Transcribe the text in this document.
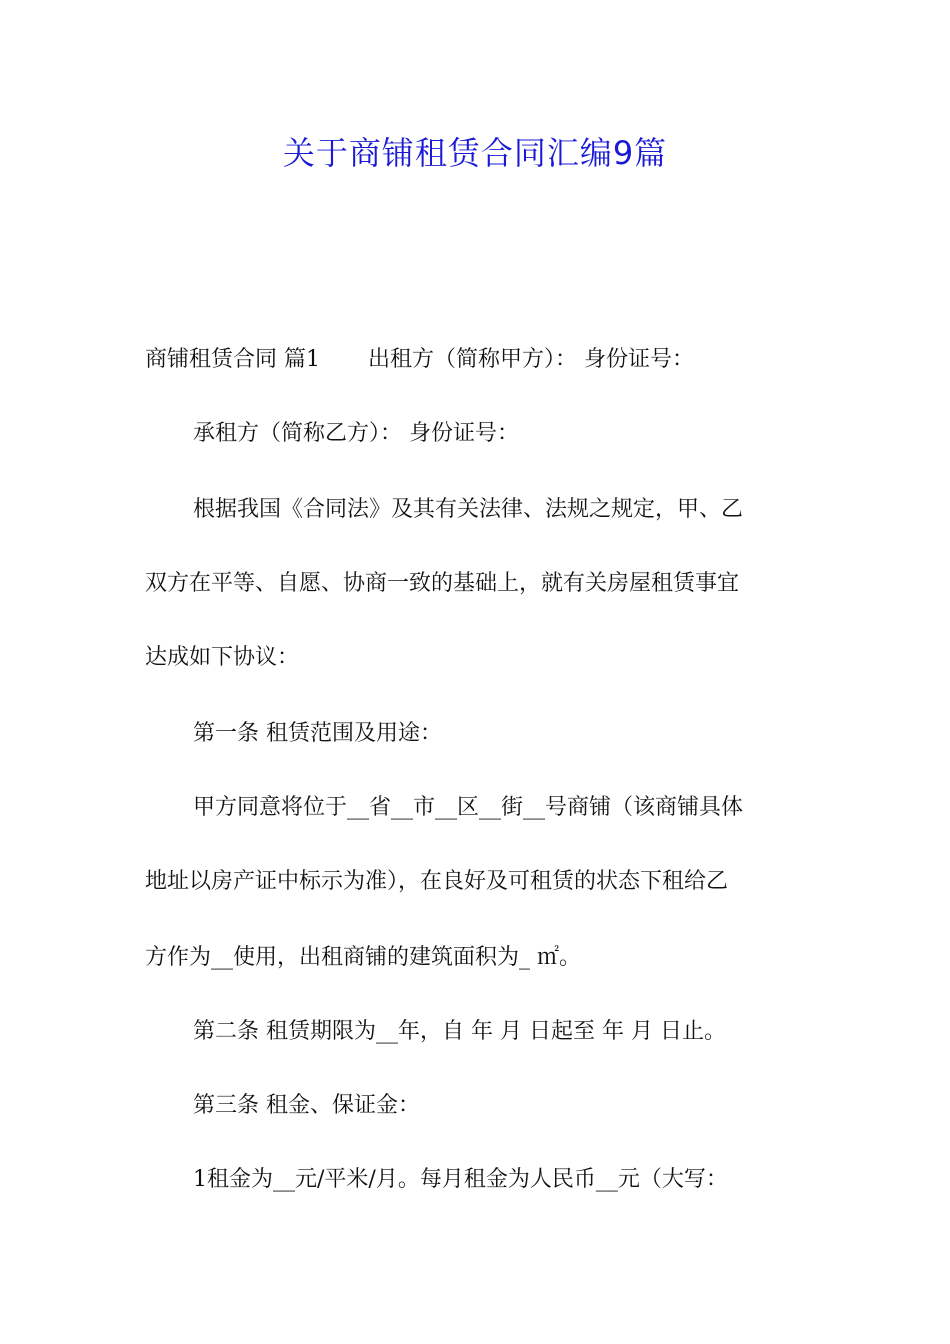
关于商铺租赁合同汇编9篇

商铺租赁合同 篇1 出租方（简称甲方）： 身份证号：

承租方（简称乙方）： 身份证号：

根据我国《合同法》及其有关法律、法规之规定，甲、乙

双方在平等、自愿、协商一致的基础上，就有关房屋租赁事宜

达成如下协议：

第一条 租赁范围及用途：

甲方同意将位于__省__市__区__街__号商铺（该商铺具体

地址以房产证中标示为准），在良好及可租赁的状态下租给乙

方作为__使用，出租商铺的建筑面积为_ ㎡。

第二条 租赁期限为__年，自 年 月 日起至 年 月 日止。

第三条 租金、保证金：

1租金为__元/平米/月。每月租金为人民币__元（大写：
